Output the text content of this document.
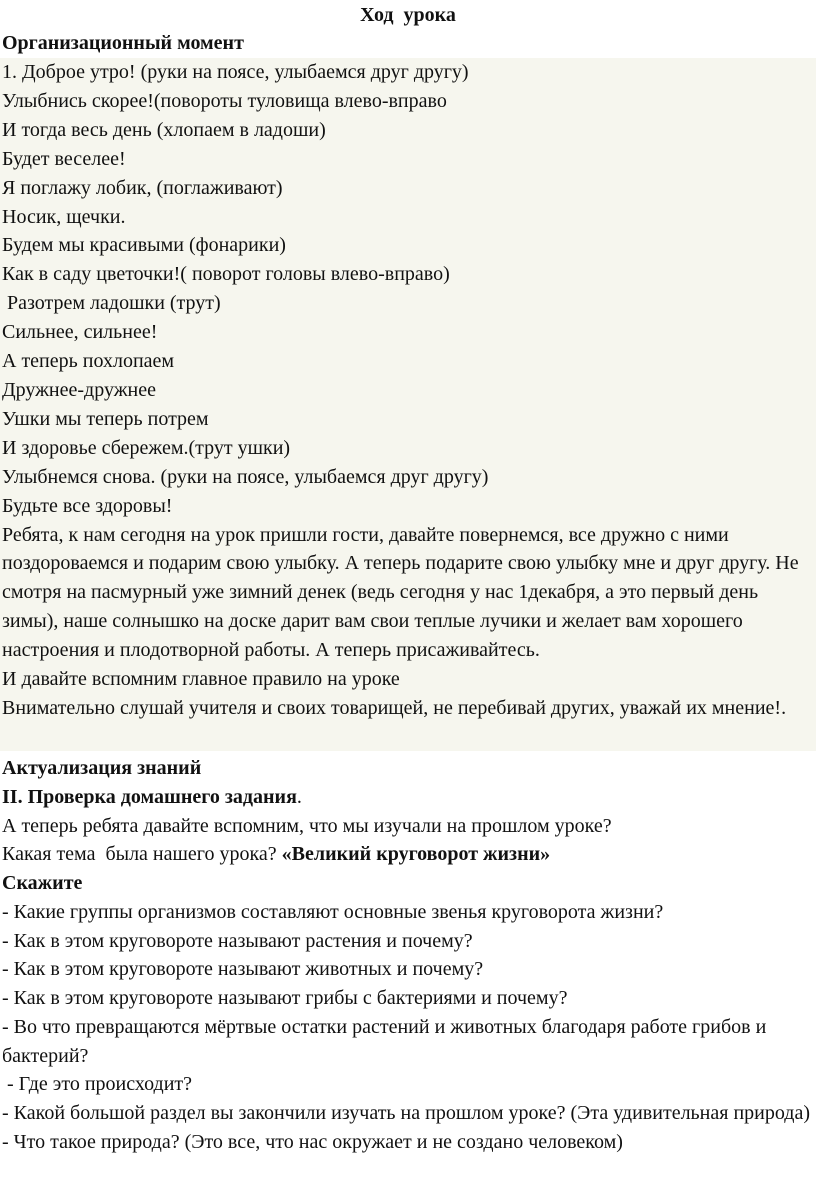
Ход  урока
Организационный момент

1. Доброе утро! (руки на поясе, улыбаемся друг другу)

Улыбнись скорее!(повороты туловища влево-вправо

И тогда весь день (хлопаем в ладоши)

Будет веселее!

Я поглажу лобик, (поглаживают)

Носик, щечки.

Будем мы красивыми (фонарики)

Как в саду цветочки!( поворот головы влево-вправо)

Разотрем ладошки (трут)

Сильнее, сильнее!

А теперь похлопаем

Дружнее-дружнее

Ушки мы теперь потрем

И здоровье сбережем.(трут ушки)

Улыбнемся снова. (руки на поясе, улыбаемся друг другу)

Будьте все здоровы!

Ребята, к нам сегодня на урок пришли гости, давайте повернемся, все дружно с ними поздороваемся и подарим свою улыбку. А теперь подарите свою улыбку мне и друг другу. Не смотря на пасмурный уже зимний денек (ведь сегодня у нас 1декабря, а это первый день зимы), наше солнышко на доске дарит вам свои теплые лучики и желает вам хорошего настроения и плодотворной работы. А теперь присаживайтесь.

И давайте вспомним главное правило на уроке

Внимательно слушай учителя и своих товарищей, не перебивай других, уважай их мнение!.

Актуализация знаний

II. Проверка домашнего задания.

А теперь ребята давайте вспомним, что мы изучали на прошлом уроке?

Какая тема  была нашего урока? «Великий круговорот жизни»

Скажите

- Какие группы организмов составляют основные звенья круговорота жизни?

- Как в этом круговороте называют растения и почему?

- Как в этом круговороте называют животных и почему?

- Как в этом круговороте называют грибы с бактериями и почему?

- Во что превращаются мёртвые остатки растений и животных благодаря работе грибов и бактерий?

- Где это происходит?

- Какой большой раздел вы закончили изучать на прошлом уроке? (Эта удивительная природа)

- Что такое природа? (Это все, что нас окружает и не создано человеком)
